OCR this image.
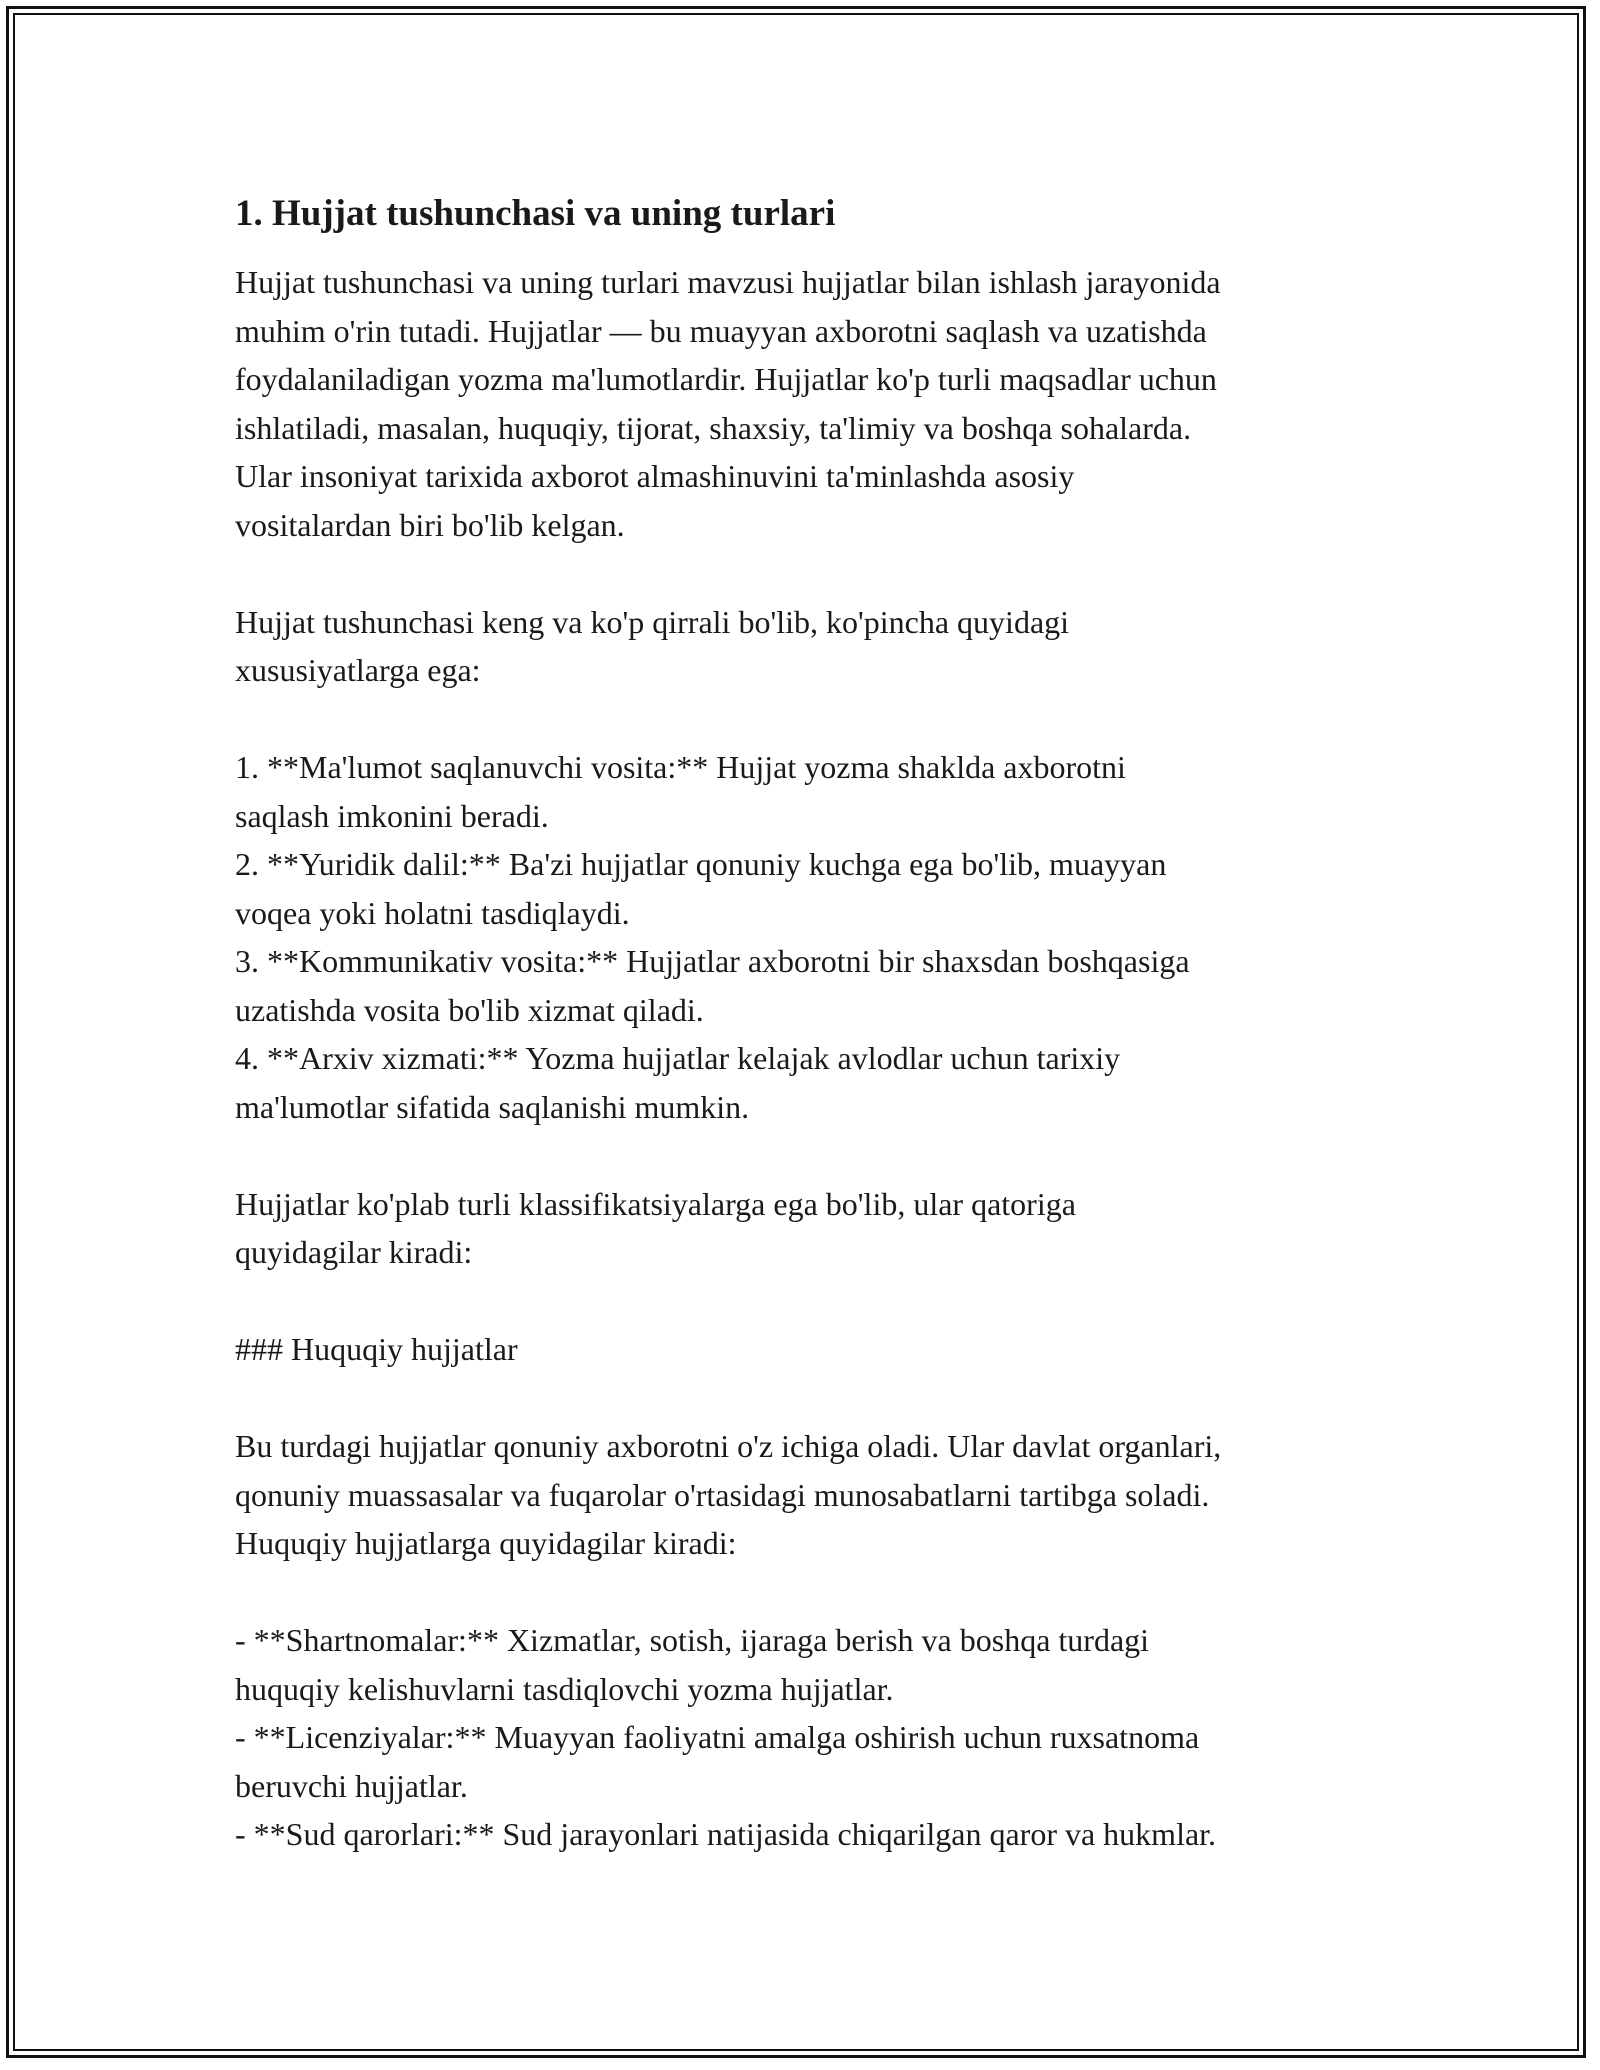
1. Hujjat tushunchasi va uning turlari

Hujjat tushunchasi va uning turlari mavzusi hujjatlar bilan ishlash jarayonida
muhim o'rin tutadi. Hujjatlar — bu muayyan axborotni saqlash va uzatishda
foydalaniladigan yozma ma'lumotlardir. Hujjatlar ko'p turli maqsadlar uchun
ishlatiladi, masalan, huquqiy, tijorat, shaxsiy, ta'limiy va boshqa sohalarda.
Ular insoniyat tarixida axborot almashinuvini ta'minlashda asosiy
vositalardan biri bo'lib kelgan.

Hujjat tushunchasi keng va ko'p qirrali bo'lib, ko'pincha quyidagi
xususiyatlarga ega:

1. **Ma'lumot saqlanuvchi vosita:** Hujjat yozma shaklda axborotni
saqlash imkonini beradi.
2. **Yuridik dalil:** Ba'zi hujjatlar qonuniy kuchga ega bo'lib, muayyan
voqea yoki holatni tasdiqlaydi.
3. **Kommunikativ vosita:** Hujjatlar axborotni bir shaxsdan boshqasiga
uzatishda vosita bo'lib xizmat qiladi.
4. **Arxiv xizmati:** Yozma hujjatlar kelajak avlodlar uchun tarixiy
ma'lumotlar sifatida saqlanishi mumkin.

Hujjatlar ko'plab turli klassifikatsiyalarga ega bo'lib, ular qatoriga
quyidagilar kiradi:

### Huquqiy hujjatlar

Bu turdagi hujjatlar qonuniy axborotni o'z ichiga oladi. Ular davlat organlari,
qonuniy muassasalar va fuqarolar o'rtasidagi munosabatlarni tartibga soladi.
Huquqiy hujjatlarga quyidagilar kiradi:

- **Shartnomalar:** Xizmatlar, sotish, ijaraga berish va boshqa turdagi
huquqiy kelishuvlarni tasdiqlovchi yozma hujjatlar.
- **Licenziyalar:** Muayyan faoliyatni amalga oshirish uchun ruxsatnoma
beruvchi hujjatlar.
- **Sud qarorlari:** Sud jarayonlari natijasida chiqarilgan qaror va hukmlar.
